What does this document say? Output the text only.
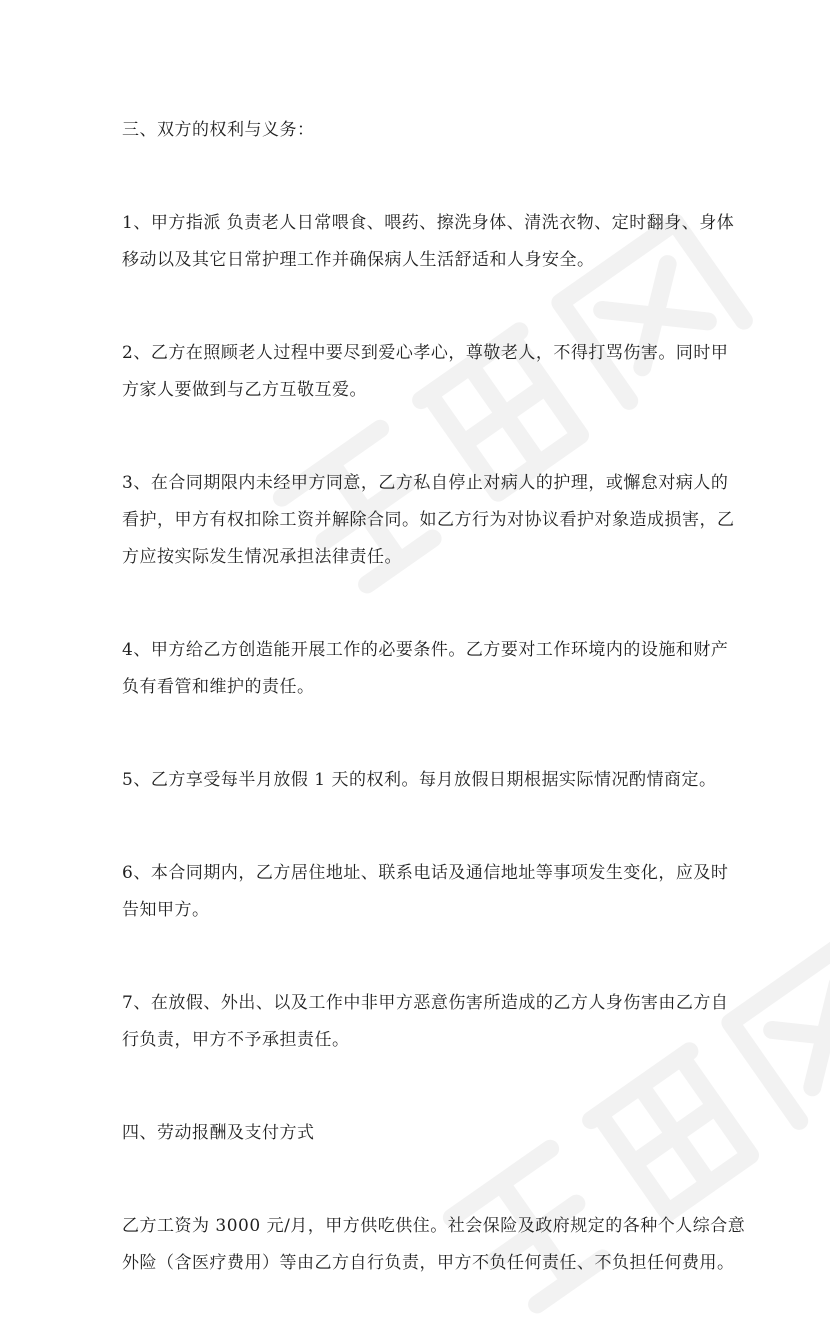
三、双方的权利与义务：
1、甲方指派 负责老人日常喂食、喂药、擦洗身体、清洗衣物、定时翻身、身体
移动以及其它日常护理工作并确保病人生活舒适和人身安全。
2、乙方在照顾老人过程中要尽到爱心孝心，尊敬老人，不得打骂伤害。同时甲
方家人要做到与乙方互敬互爱。
3、在合同期限内未经甲方同意，乙方私自停止对病人的护理，或懈怠对病人的
看护，甲方有权扣除工资并解除合同。如乙方行为对协议看护对象造成损害，乙
方应按实际发生情况承担法律责任。
4、甲方给乙方创造能开展工作的必要条件。乙方要对工作环境内的设施和财产
负有看管和维护的责任。
5、乙方享受每半月放假 1 天的权利。每月放假日期根据实际情况酌情商定。
6、本合同期内，乙方居住地址、联系电话及通信地址等事项发生变化，应及时
告知甲方。
7、在放假、外出、以及工作中非甲方恶意伤害所造成的乙方人身伤害由乙方自
行负责，甲方不予承担责任。
四、劳动报酬及支付方式
乙方工资为 3000 元/月，甲方供吃供住。社会保险及政府规定的各种个人综合意
外险（含医疗费用）等由乙方自行负责，甲方不负任何责任、不负担任何费用。
